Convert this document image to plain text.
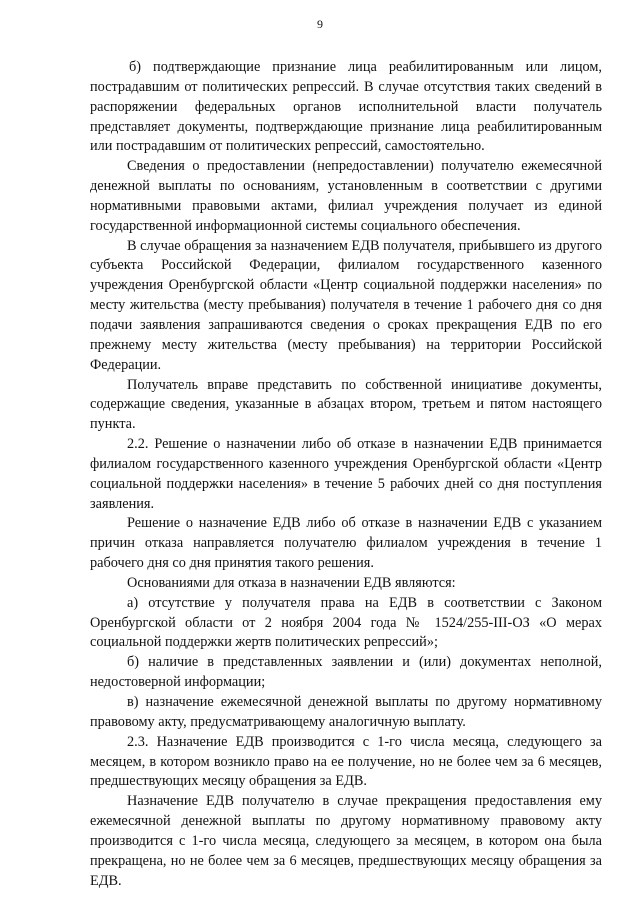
9

б) подтверждающие признание лица реабилитированным или лицом, пострадавшим от политических репрессий. В случае отсутствия таких сведений в распоряжении федеральных органов исполнительной власти получатель представляет документы, подтверждающие признание лица реабилитированным или пострадавшим от политических репрессий, самостоятельно.

Сведения о предоставлении (непредоставлении) получателю ежемесячной денежной выплаты по основаниям, установленным в соответствии с другими нормативными правовыми актами, филиал учреждения получает из единой государственной информационной системы социального обеспечения.

В случае обращения за назначением ЕДВ получателя, прибывшего из другого субъекта Российской Федерации, филиалом государственного казенного учреждения Оренбургской области «Центр социальной поддержки населения» по месту жительства (месту пребывания) получателя в течение 1 рабочего дня со дня подачи заявления запрашиваются сведения о сроках прекращения ЕДВ по его прежнему месту жительства (месту пребывания) на территории Российской Федерации.

Получатель вправе представить по собственной инициативе документы, содержащие сведения, указанные в абзацах втором, третьем и пятом настоящего пункта.

2.2. Решение о назначении либо об отказе в назначении ЕДВ принимается филиалом государственного казенного учреждения Оренбургской области «Центр социальной поддержки населения» в течение 5 рабочих дней со дня поступления заявления.

Решение о назначение ЕДВ либо об отказе в назначении ЕДВ с указанием причин отказа направляется получателю филиалом учреждения в течение 1 рабочего дня со дня принятия такого решения.

Основаниями для отказа в назначении ЕДВ являются:

а) отсутствие у получателя права на ЕДВ в соответствии с Законом Оренбургской области от 2 ноября 2004 года № 1524/255-III-ОЗ «О мерах социальной поддержки жертв политических репрессий»;

б) наличие в представленных заявлении и (или) документах неполной, недостоверной информации;

в) назначение ежемесячной денежной выплаты по другому нормативному правовому акту, предусматривающему аналогичную выплату.

2.3. Назначение ЕДВ производится с 1-го числа месяца, следующего за месяцем, в котором возникло право на ее получение, но не более чем за 6 месяцев, предшествующих месяцу обращения за ЕДВ.

Назначение ЕДВ получателю в случае прекращения предоставления ему ежемесячной денежной выплаты по другому нормативному правовому акту производится с 1-го числа месяца, следующего за месяцем, в котором она была прекращена, но не более чем за 6 месяцев, предшествующих месяцу обращения за ЕДВ.
